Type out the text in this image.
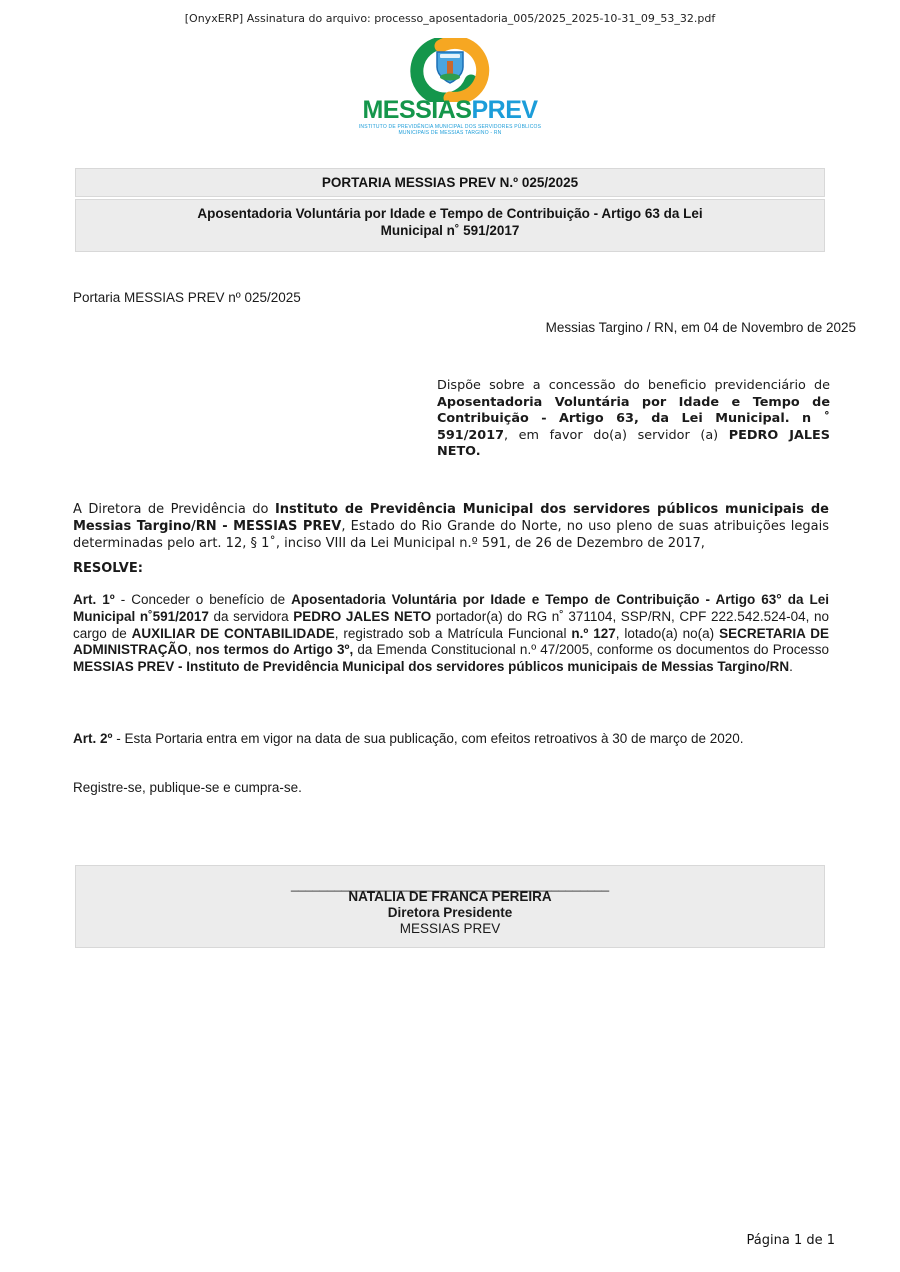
[OnyxERP] Assinatura do arquivo: processo_aposentadoria_005/2025_2025-10-31_09_53_32.pdf
MESSIASPREV
INSTITUTO DE PREVIDÊNCIA MUNICIPAL DOS SERVIDORES PÚBLICOS
MUNICIPAIS DE MESSIAS TARGINO - RN
PORTARIA MESSIAS PREV N.º 025/2025
Aposentadoria Voluntária por Idade e Tempo de Contribuição - Artigo 63 da Lei Municipal n˚ 591/2017
Portaria MESSIAS PREV nº 025/2025
Messias Targino / RN, em 04 de Novembro de 2025
Dispõe sobre a concessão do beneficio previdenciário de Aposentadoria Voluntária por Idade e Tempo de Contribuição - Artigo 63, da Lei Municipal. n ˚ 591/2017, em favor do(a) servidor (a) PEDRO JALES NETO.
A Diretora de Previdência do Instituto de Previdência Municipal dos servidores públicos municipais de Messias Targino/RN - MESSIAS PREV, Estado do Rio Grande do Norte, no uso pleno de suas atribuições legais determinadas pelo art. 12, § 1˚, inciso VIII da Lei Municipal n.º 591, de 26 de Dezembro de 2017,
RESOLVE:
Art. 1º - Conceder o benefício de Aposentadoria Voluntária por Idade e Tempo de Contribuição - Artigo 63° da Lei Municipal n˚591/2017 da servidora PEDRO JALES NETO portador(a) do RG n˚ 371104, SSP/RN, CPF 222.542.524-04, no cargo de AUXILIAR DE CONTABILIDADE, registrado sob a Matrícula Funcional n.º 127, lotado(a) no(a) SECRETARIA DE ADMINISTRAÇÃO, nos termos do Artigo 3º, da Emenda Constitucional n.º 47/2005, conforme os documentos do Processo MESSIAS PREV - Instituto de Previdência Municipal dos servidores públicos municipais de Messias Targino/RN.
Art. 2º - Esta Portaria entra em vigor na data de sua publicação, com efeitos retroativos à 30 de março de 2020.
Registre-se, publique-se e cumpra-se.
____________________________________________
NATALIA DE FRANCA PEREIRA
Diretora Presidente
MESSIAS PREV
Página 1 de 1
